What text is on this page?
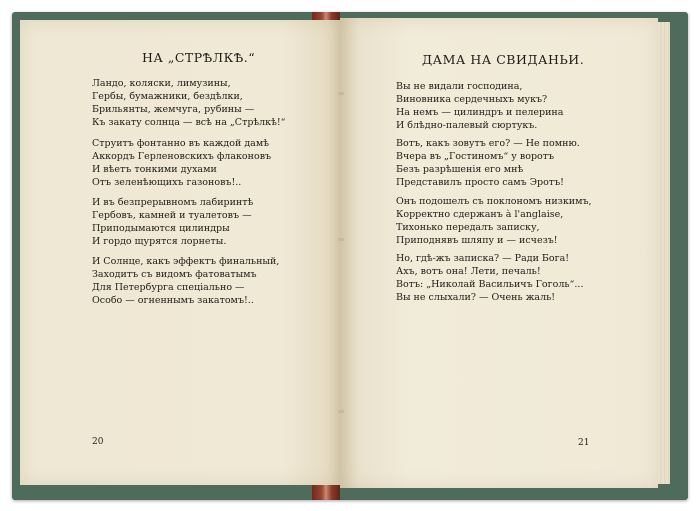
НА „СТРѢЛКѢ.“
Ландо, коляски, лимузины,
Гербы, бумажники, бездѣлки,
Брильянты, жемчуга, рубины —
Къ закату солнца — всѣ на „Стрѣлкѣ!“
Струитъ фонтанно въ каждой дамѣ
Аккордъ Герленовскихъ флаконовъ
И вѣетъ тонкими духами
Отъ зеленѣющихъ газоновъ!..
И въ безпрерывномъ лабиринтѣ
Гербовъ, камней и туалетовъ —
Приподымаются цилиндры
И гордо щурятся лорнеты.
И Солнце, какъ эффектъ финальный,
Заходитъ съ видомъ фатоватымъ
Для Петербурга спеціально —
Особо — огненнымъ закатомъ!..
20
ДАМА НА СВИДАНЬИ.
Вы не видали господина,
Виновника сердечныхъ мукъ?
На немъ — цилиндръ и пелерина
И блѣдно-палевый сюртукъ.
Вотъ, какъ зовутъ его? — Не помню.
Вчера въ „Гостиномъ“ у воротъ
Безъ разрѣшенія его мнѣ
Представилъ просто самъ Эротъ!
Онъ подошелъ съ поклономъ низкимъ,
Корректно сдержанъ à l'anglaise,
Тихонько передалъ записку,
Приподнявъ шляпу и — исчезъ!
Но, гдѣ-жъ записка? — Ради Бога!
Ахъ, вотъ она! Лети, печаль!
Вотъ: „Николай Васильичъ Гоголь“...
Вы не слыхали? — Очень жаль!
21
